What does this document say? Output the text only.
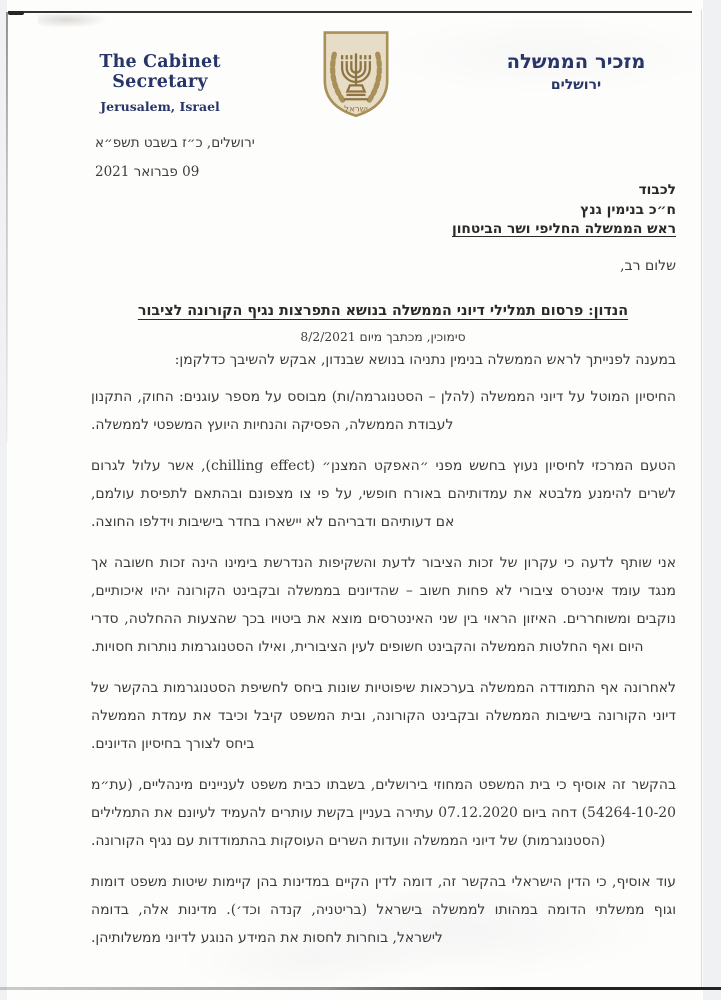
The Cabinet Secretary
Jerusalem, Israel	ישראל
מזכיר הממשלה
ירושלים
ירושלים, כ״ז בשבט תשפ״א
09 פברואר 2021
לכבוד
ח״כ בנימין גנץ
ראש הממשלה החליפי ושר הביטחון
שלום רב,
הנדון: פרסום תמלילי דיוני הממשלה בנושא התפרצות נגיף הקורונה לציבור
סימוכין, מכתבך מיום 8/2/2021
במענה לפנייתך לראש הממשלה בנימין נתניהו בנושא שבנדון, אבקש להשיבך כדלקמן:

החיסיון המוטל על דיוני הממשלה (להלן – הסטנוגרמה/ות) מבוסס על מספר עוגנים: החוק, התקנון לעבודת הממשלה, הפסיקה והנחיות היועץ המשפטי לממשלה.

הטעם המרכזי לחיסיון נעוץ בחשש מפני ״האפקט המצנן״ (chilling effect), אשר עלול לגרום לשרים להימנע מלבטא את עמדותיהם באורח חופשי, על פי צו מצפונם ובהתאם לתפיסת עולמם, אם דעותיהם ודבריהם לא יישארו בחדר בישיבות וידלפו החוצה.

אני שותף לדעה כי עקרון של זכות הציבור לדעת והשקיפות הנדרשת בימינו הינה זכות חשובה אך מנגד עומד אינטרס ציבורי לא פחות חשוב – שהדיונים בממשלה ובקבינט הקורונה יהיו איכותיים, נוקבים ומשוחררים. האיזון הראוי בין שני האינטרסים מוצא את ביטויו בכך שהצעות ההחלטה, סדרי היום ואף החלטות הממשלה והקבינט חשופים לעין הציבורית, ואילו הסטנוגרמות נותרות חסויות.

לאחרונה אף התמודדה הממשלה בערכאות שיפוטיות שונות ביחס לחשיפת הסטנוגרמות בהקשר של דיוני הקורונה בישיבות הממשלה ובקבינט הקורונה, ובית המשפט קיבל וכיבד את עמדת הממשלה ביחס לצורך בחיסיון הדיונים.

בהקשר זה אוסיף כי בית המשפט המחוזי בירושלים, בשבתו כבית משפט לעניינים מינהליים, (עת״מ 54264-10-20) דחה ביום 07.12.2020 עתירה בעניין בקשת עותרים להעמיד לעיונם את התמלילים (הסטנוגרמות) של דיוני הממשלה וועדות השרים העוסקות בהתמודדות עם נגיף הקורונה.

עוד אוסיף, כי הדין הישראלי בהקשר זה, דומה לדין הקיים במדינות בהן קיימות שיטות משפט דומות וגוף ממשלתי הדומה במהותו לממשלה בישראל (בריטניה, קנדה וכד׳). מדינות אלה, בדומה לישראל, בוחרות לחסות את המידע הנוגע לדיוני ממשלותיהן.
